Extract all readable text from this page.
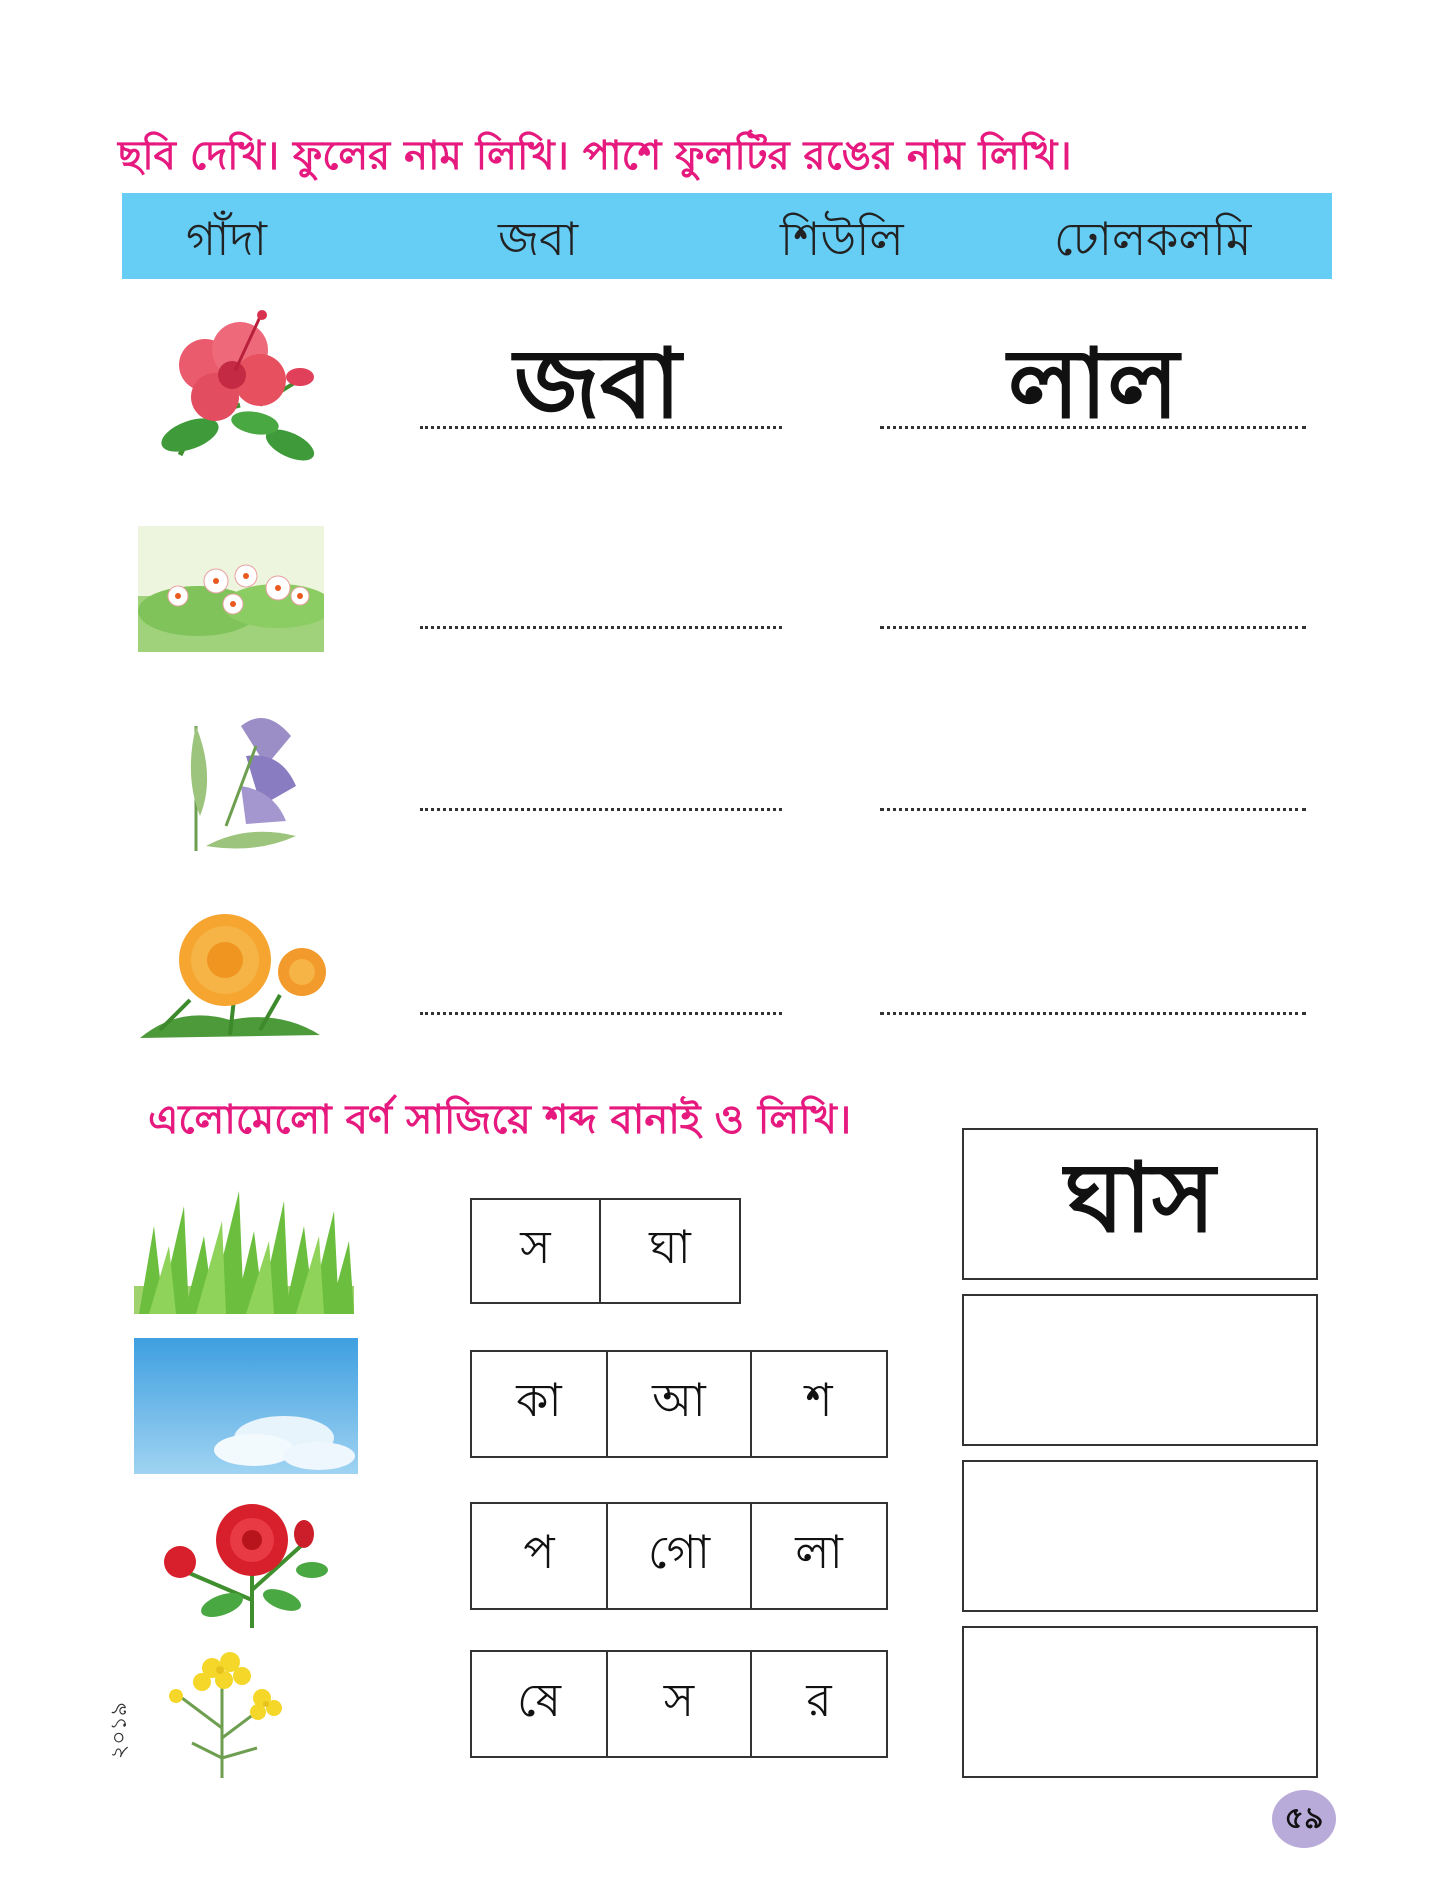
ছবি দেখি। ফুলের নাম লিখি। পাশে ফুলটির রঙের নাম লিখি।
গাঁদা	জবা	শিউলি	ঢোলকলমি
জবা	লাল
এলোমেলো বর্ণ সাজিয়ে শব্দ বানাই ও লিখি।
স	ঘা	ঘাস
কা	আ	শ
প	গো	লা
ষে	স	র
২০১৯
৫৯
